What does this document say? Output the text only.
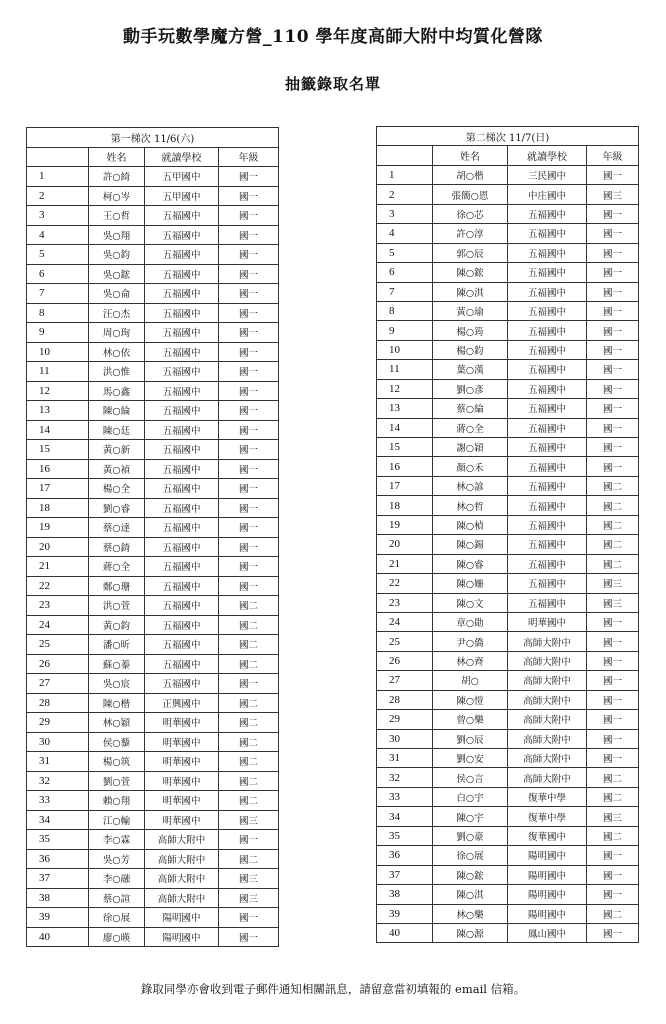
動手玩數學魔方營_110 學年度高師大附中均質化營隊
抽籤錄取名單
第一梯次 11/6(六)			
	姓名	就讀學校	年級
1	許○綺	五甲國中	國一
2	柯○岑	五甲國中	國一
3	王○哲	五福國中	國一
4	吳○翔	五福國中	國一
5	吳○鈞	五福國中	國一
6	吳○鋐	五福國中	國一
7	吳○侖	五福國中	國一
8	汪○杰	五福國中	國一
9	周○珣	五福國中	國一
10	林○依	五福國中	國一
11	洪○惟	五福國中	國一
12	馬○鑫	五福國中	國一
13	陳○綸	五福國中	國一
14	陳○廷	五福國中	國一
15	黃○新	五福國中	國一
16	黃○禎	五福國中	國一
17	楊○全	五福國中	國一
18	劉○睿	五福國中	國一
19	蔡○達	五福國中	國一
20	蔡○錡	五福國中	國一
21	蔣○全	五福國中	國一
22	鄭○珊	五福國中	國一
23	洪○萱	五福國中	國二
24	黃○鈞	五福國中	國二
25	潘○昕	五福國中	國二
26	蘇○蓁	五福國中	國二
27	吳○宸	五福國中	國一
28	陳○楷	正興國中	國二
29	林○穎	明華國中	國二
30	侯○藜	明華國中	國二
31	楊○筑	明華國中	國二
32	劉○萱	明華國中	國二
33	賴○翔	明華國中	國二
34	江○輸	明華國中	國三
35	李○霖	高師大附中	國一
36	吳○芳	高師大附中	國二
37	李○融	高師大附中	國三
38	蔡○諠	高師大附中	國三
39	徐○展	陽明國中	國一
40	廖○暎	陽明國中	國一
第二梯次 11/7(日)			
	姓名	就讀學校	年級
1	胡○楷	三民國中	國一
2	張簡○恩	中庄國中	國三
3	徐○芯	五福國中	國一
4	許○淳	五福國中	國一
5	郭○辰	五福國中	國一
6	陳○鋐	五福國中	國一
7	陳○淇	五福國中	國一
8	黃○瑜	五福國中	國一
9	楊○筠	五福國中	國一
10	楊○鈞	五福國中	國一
11	葉○漢	五福國中	國一
12	劉○彥	五福國中	國一
13	蔡○綸	五福國中	國一
14	蔣○全	五福國中	國一
15	謝○穎	五福國中	國一
16	顏○禾	五福國中	國一
17	林○諺	五福國中	國二
18	林○哲	五福國中	國二
19	陳○楨	五福國中	國二
20	陳○錫	五福國中	國二
21	陳○睿	五福國中	國二
22	陳○姍	五福國中	國三
23	陳○文	五福國中	國三
24	章○勛	明華國中	國一
25	尹○僑	高師大附中	國一
26	林○齊	高師大附中	國一
27	胡○	高師大附中	國一
28	陳○愷	高師大附中	國一
29	曾○樂	高師大附中	國一
30	劉○辰	高師大附中	國一
31	劉○安	高師大附中	國一
32	侯○言	高師大附中	國二
33	白○宇	復華中學	國二
34	陳○宇	復華中學	國三
35	劉○豪	復華國中	國二
36	徐○展	陽明國中	國一
37	陳○鋐	陽明國中	國一
38	陳○淇	陽明國中	國一
39	林○樂	陽明國中	國二
40	陳○源	鳳山國中	國一
錄取同學亦會收到電子郵件通知相關訊息，請留意當初填報的 email 信箱。
